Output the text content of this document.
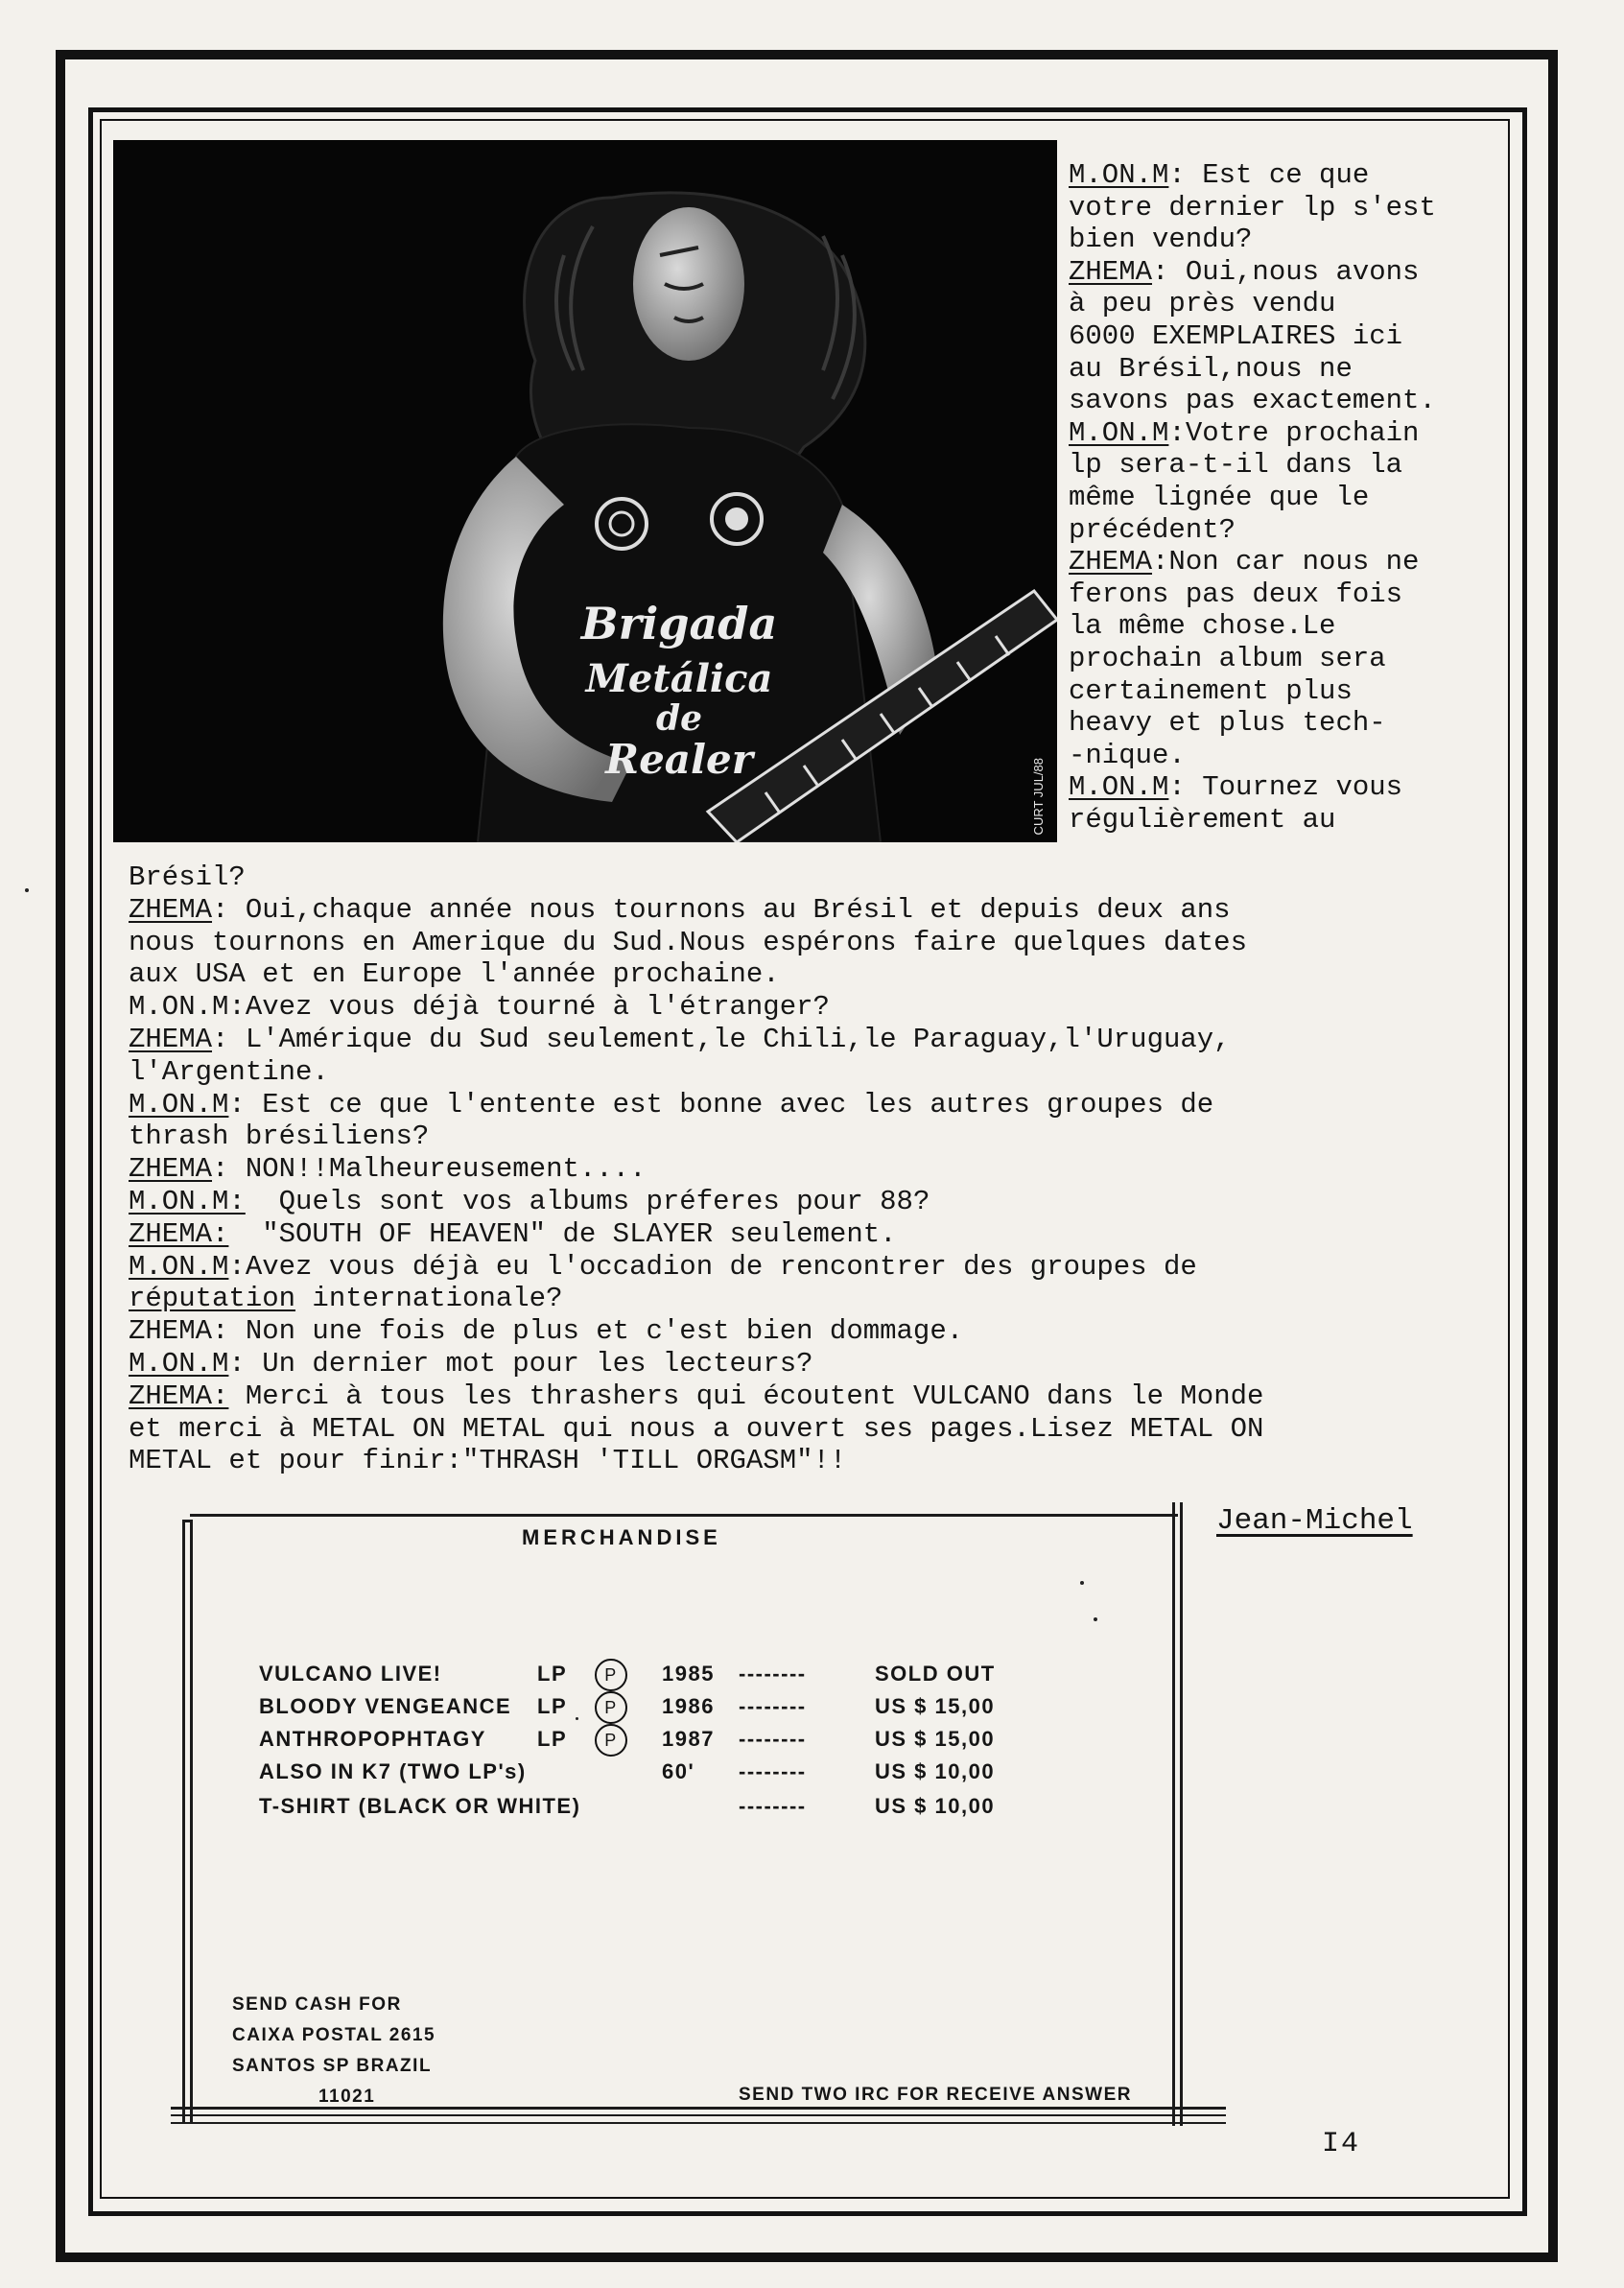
Brigada
Metálica
de
Realer	CURT JUL/88
M.ON.M: Est ce que
votre dernier lp s'est
bien vendu?
ZHEMA: Oui,nous avons
à peu près vendu
6000 EXEMPLAIRES ici
au Brésil,nous ne
savons pas exactement.
M.ON.M:Votre prochain
lp sera-t-il dans la
même lignée que le
précédent?
ZHEMA:Non car nous ne
ferons pas deux fois
la même chose.Le
prochain album sera
certainement plus
heavy et plus tech-
-nique.
M.ON.M: Tournez vous
régulièrement au
Brésil?
ZHEMA: Oui,chaque année nous tournons au Brésil et depuis deux ans
nous tournons en Amerique du Sud.Nous espérons faire quelques dates
aux USA et en Europe l'année prochaine.
M.ON.M:Avez vous déjà tourné à l'étranger?
ZHEMA: L'Amérique du Sud seulement,le Chili,le Paraguay,l'Uruguay,
l'Argentine.
M.ON.M: Est ce que l'entente est bonne avec les autres groupes de
thrash brésiliens?
ZHEMA: NON!!Malheureusement....
M.ON.M:  Quels sont vos albums préferes pour 88?
ZHEMA:  "SOUTH OF HEAVEN" de SLAYER seulement.
M.ON.M:Avez vous déjà eu l'occadion de rencontrer des groupes de
réputation internationale?
ZHEMA: Non une fois de plus et c'est bien dommage.
M.ON.M: Un dernier mot pour les lecteurs?
ZHEMA: Merci à tous les thrashers qui écoutent VULCANO dans le Monde
et merci à METAL ON METAL qui nous a ouvert ses pages.Lisez METAL ON
METAL et pour finir:"THRASH 'TILL ORGASM"!!
Jean-Michel
MERCHANDISE
VULCANO LIVE!	LP	P	1985 --------	SOLD OUT
BLOODY VENGEANCE LP	P	1986 --------	US $ 15,00
ANTHROPOPHTAGY LP	P	1987 --------	US $ 15,00
ALSO IN K7 (TWO LP's)	60' --------	US $ 10,00
T-SHIRT (BLACK OR WHITE)	--------	US $ 10,00
SEND CASH FOR
CAIXA POSTAL 2615
SANTOS SP BRAZIL
11021	SEND TWO IRC FOR RECEIVE ANSWER
I4
